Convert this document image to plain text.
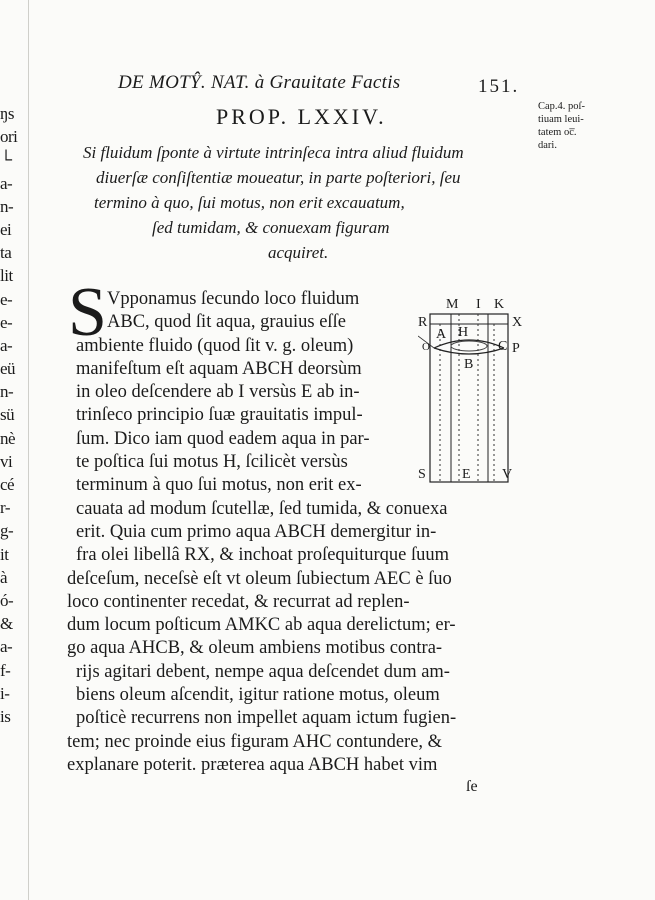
ŋs
ori
└
a-
n-
ei
ta
lit
e-
e-
a-
eü
n-
sü
nè
vi
cé
r-
g-
it
à
ó-
&
a-
f-
i-
is
DE MOTŶ. NAT. à Grauitate Factis	151.
Cap.4. poſ-
tiuam leui-
tatem oc̅̅.
dari.
PROP. LXXIV.
Si fluidum ſponte à virtute intrinſeca intra aliud fluidum
diuerſæ conſiſtentiæ moueatur, in parte poſteriori, ſeu
termino à quo, ſui motus, non erit excauatum,
ſed tumidam, & conuexam figuram
acquiret.
S Vpponamus ſecundo loco fluidum
ABC, quod ſit aqua, grauius eſſe
ambiente fluido (quod ſit v. g. oleum)
manifeſtum eſt aquam ABCH deorsùm
in oleo deſcendere ab I versùs E ab in-
trinſeco principio ſuæ grauitatis impul-
ſum. Dico iam quod eadem aqua in par-
te poſtica ſui motus H, ſcilicèt versùs
terminum à quo ſui motus, non erit ex-
cauata ad modum ſcutellæ, ſed tumida, & conuexa
erit. Quia cum primo aqua ABCH demergitur in-
fra olei libellâ RX, & inchoat proſequiturque ſuum
deſceſum, neceſsè eſt vt oleum ſubiectum AEC è ſuo
loco continenter recedat, & recurrat ad replen-
dum locum poſticum AMKC ab aqua derelictum; er-
go aqua AHCB, & oleum ambiens motibus contra-
rijs agitari debent, nempe aqua deſcendet dum am-
biens oleum aſcendit, igitur ratione motus, oleum
poſticè recurrens non impellet aquam ictum fugien-
tem; nec proinde eius figuram AHC contundere, &
explanare poterit. præterea aqua ABCH habet vim
ſe
M I K
R	X
A H
O	C P
B
S	E V
